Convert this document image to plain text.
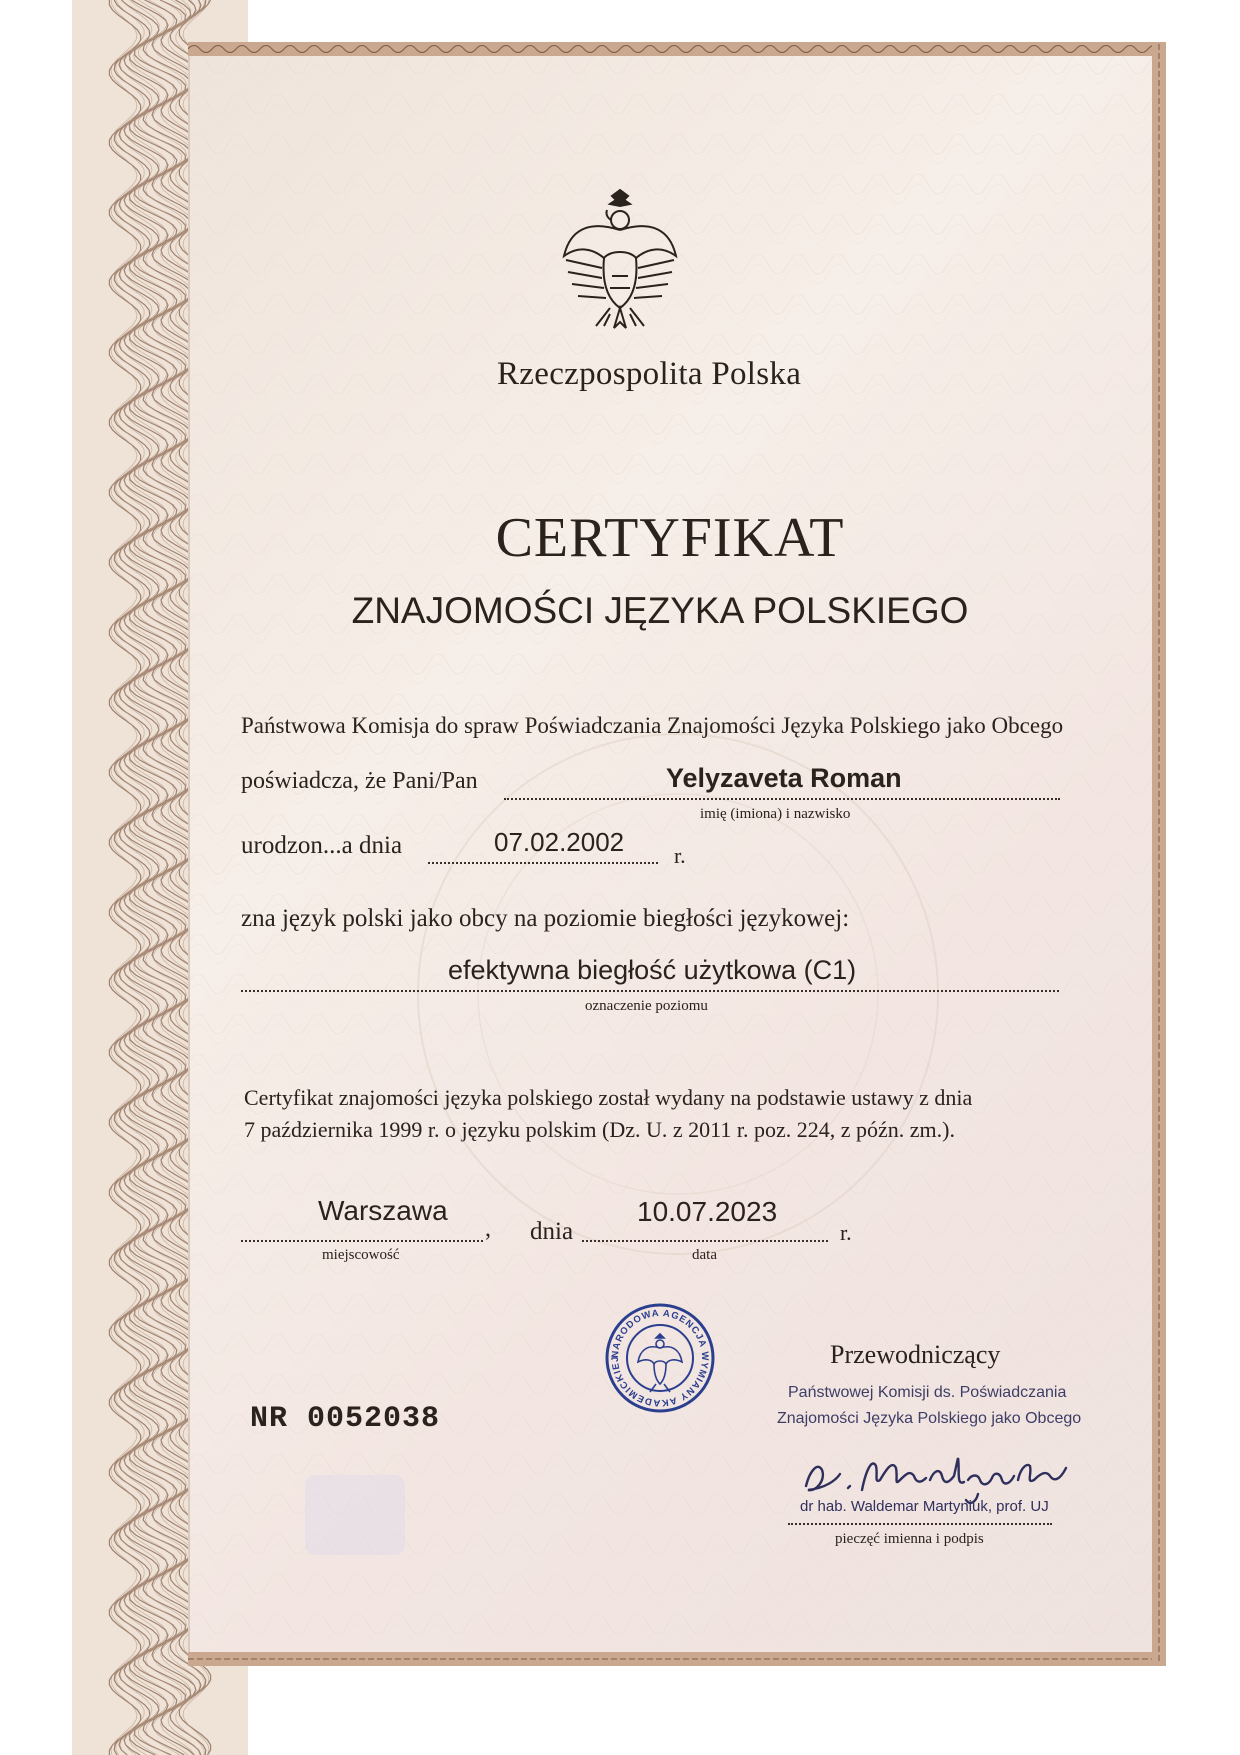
Rzeczpospolita Polska
CERTYFIKAT
ZNAJOMOŚCI JĘZYKA POLSKIEGO
Państwowa Komisja do spraw Poświadczania Znajomości Języka Polskiego jako Obcego
poświadcza, że Pani/Pan	Yelyzaveta Roman
imię (imiona) i nazwisko
urodzon...a dnia	07.02.2002 r.
zna język polski jako obcy na poziomie biegłości językowej:
efektywna biegłość użytkowa (C1)
oznaczenie poziomu
Certyfikat znajomości języka polskiego został wydany na podstawie ustawy z dnia
7 października 1999 r. o języku polskim (Dz. U. z 2011 r. poz. 224, z późn. zm.).
Warszawa
,
miejscowość
dnia
10.07.2023
r.
data
NARODOWA AGENCJA WYMIANY AKADEMICKIEJ
NR 0052038
Przewodniczący
Państwowej Komisji ds. Poświadczania
Znajomości Języka Polskiego jako Obcego
dr hab. Waldemar Martyniuk, prof. UJ
pieczęć imienna i podpis
